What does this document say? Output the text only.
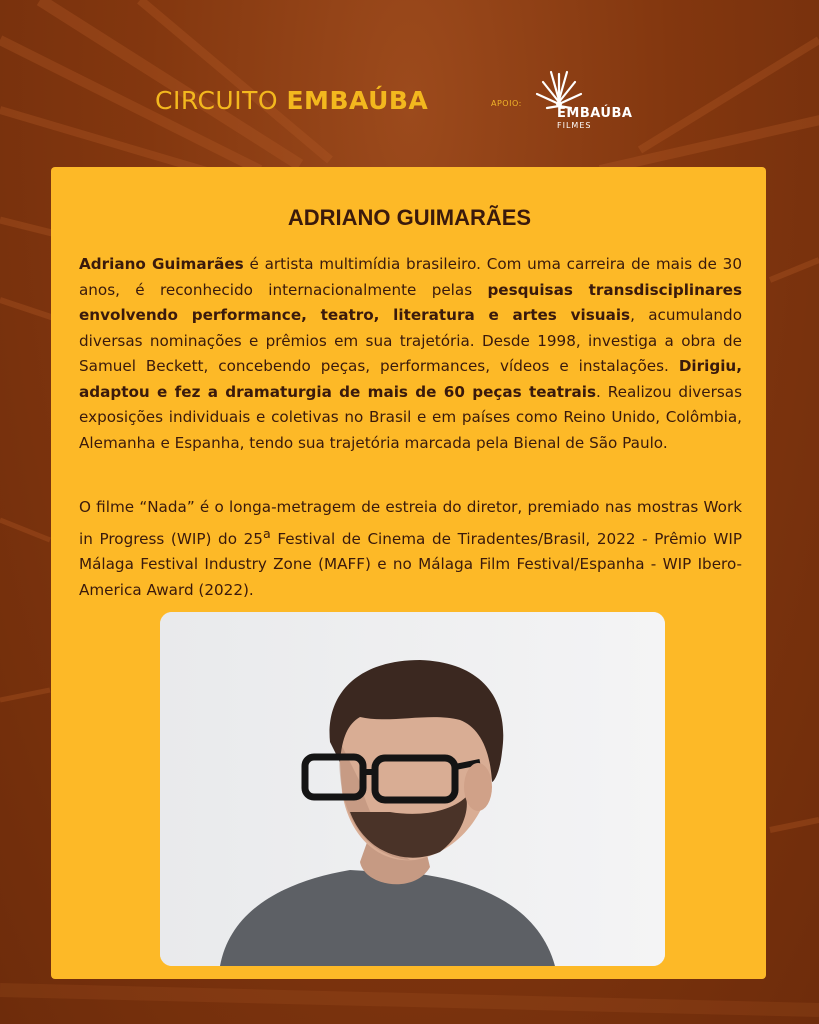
CIRCUITO EMBAÚBA	APOIO:
EMBAÚBA
FILMES
ADRIANO GUIMARÃES

Adriano Guimarães é artista multimídia brasileiro. Com uma carreira de mais de 30 anos, é reconhecido internacionalmente pelas pesquisas transdisciplinares envolvendo performance, teatro, literatura e artes visuais, acumulando diversas nominações e prêmios em sua trajetória. Desde 1998, investiga a obra de Samuel Beckett, concebendo peças, performances, vídeos e instalações. Dirigiu, adaptou e fez a dramaturgia de mais de 60 peças teatrais. Realizou diversas exposições individuais e coletivas no Brasil e em países como Reino Unido, Colômbia, Alemanha e Espanha, tendo sua trajetória marcada pela Bienal de São Paulo.

O filme “Nada” é o longa-metragem de estreia do diretor, premiado nas mostras Work in Progress (WIP) do 25$^a$ Festival de Cinema de Tiradentes/Brasil, 2022 - Prêmio WIP Málaga Festival Industry Zone (MAFF) e no Málaga Film Festival/Espanha - WIP Ibero-America Award (2022).
